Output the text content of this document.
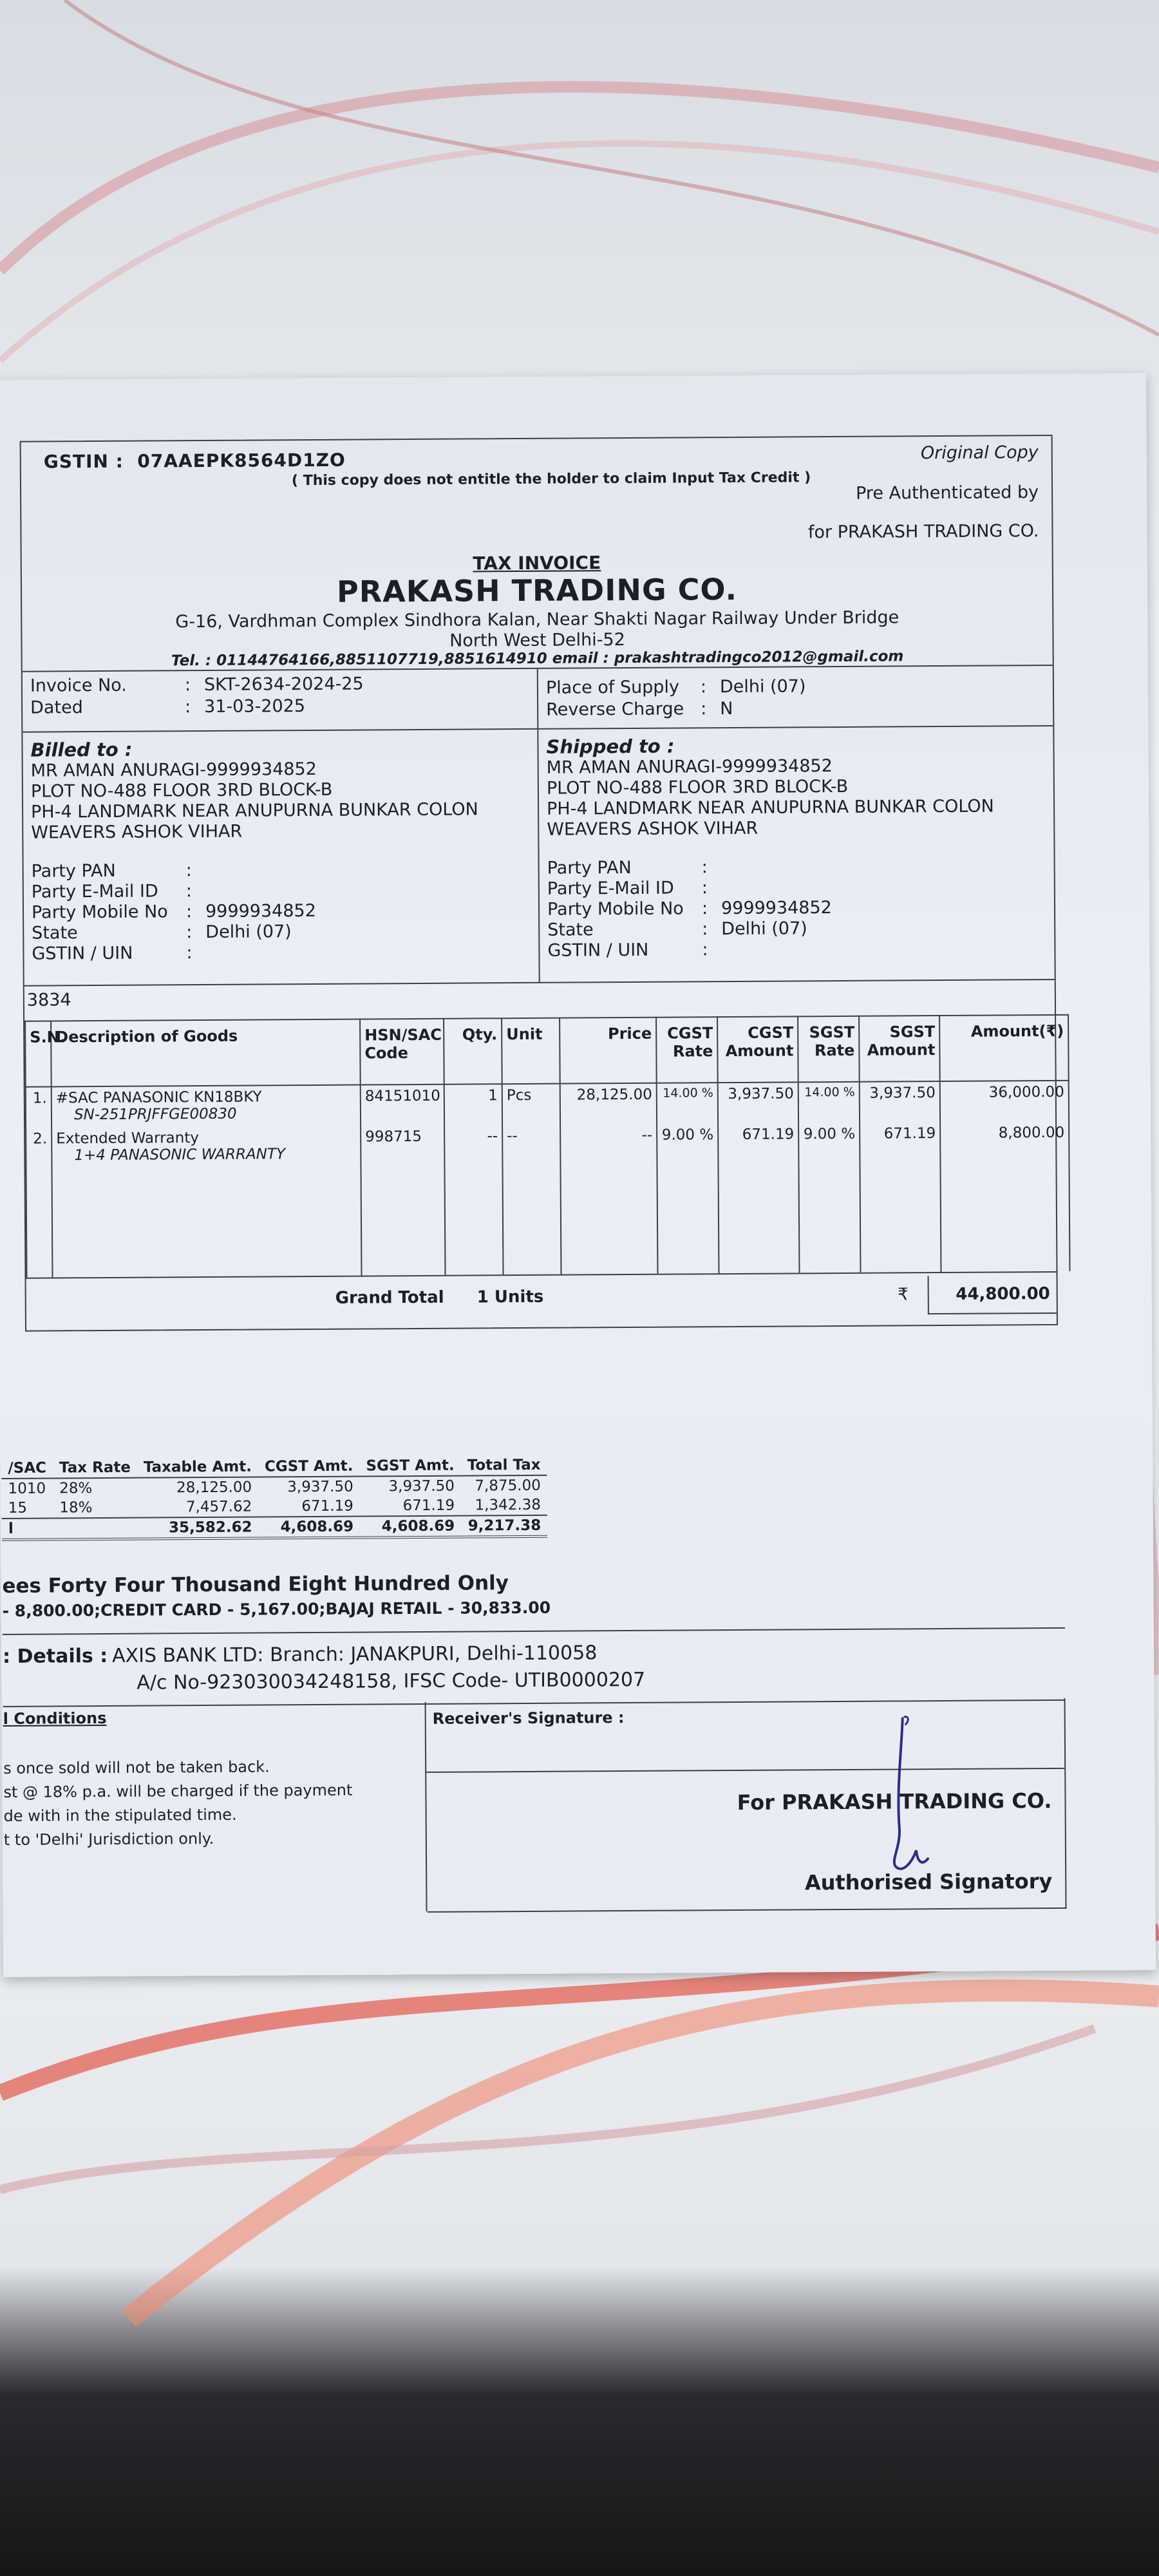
GSTIN :  07AAEPK8564D1ZO	Original Copy
( This copy does not entitle the holder to claim Input Tax Credit )
Pre Authenticated by
for PRAKASH TRADING CO.
TAX INVOICE
PRAKASH TRADING CO.
G-16, Vardhman Complex Sindhora Kalan, Near Shakti Nagar Railway Under Bridge
North West Delhi-52
Tel. : 01144764166,8851107719,8851614910 email : prakashtradingco2012@gmail.com
Invoice No.	: SKT-2634-2024-25
Dated	: 31-03-2025
Place of Supply : Delhi (07)
Reverse Charge : N
Billed to :
MR AMAN ANURAGI-9999934852
PLOT NO-488 FLOOR 3RD BLOCK-B
PH-4 LANDMARK NEAR ANUPURNA BUNKAR COLON
WEAVERS ASHOK VIHAR
Party PAN	:
Party E-Mail ID :
Party Mobile No : 9999934852
State	: Delhi (07)
GSTIN / UIN	:
Shipped to :
MR AMAN ANURAGI-9999934852
PLOT NO-488 FLOOR 3RD BLOCK-B
PH-4 LANDMARK NEAR ANUPURNA BUNKAR COLON
WEAVERS ASHOK VIHAR
Party PAN	:
Party E-Mail ID :
Party Mobile No : 9999934852
State	: Delhi (07)
GSTIN / UIN	:
3834
S.N.	Description of Goods	HSN/SAC Code	Qty.	Unit	Price	CGST Rate	CGST Amount	SGST Rate	SGST Amount	Amount(₹)
1.	#SAC PANASONIC KN18BKY
SN-251PRJFFGE00830	84151010	1	Pcs	28,125.00	14.00 %	3,937.50	14.00 %	3,937.50	36,000.00
2.	Extended Warranty
1+4 PANASONIC WARRANTY	998715	--	--	--	9.00 %	671.19	9.00 %	671.19	8,800.00

Grand Total 1 Units	₹	44,800.00
/SAC	Tax Rate	Taxable Amt.	CGST Amt.	SGST Amt.	Total Tax
1010	28%	28,125.00	3,937.50	3,937.50	7,875.00
15	18%	7,457.62	671.19	671.19	1,342.38
l		35,582.62	4,608.69	4,608.69	9,217.38
ees Forty Four Thousand Eight Hundred Only
- 8,800.00;CREDIT CARD - 5,167.00;BAJAJ RETAIL - 30,833.00
: Details : AXIS BANK LTD: Branch: JANAKPURI, Delhi-110058
A/c No-923030034248158, IFSC Code- UTIB0000207
l Conditions
s once sold will not be taken back.
st @ 18% p.a. will be charged if the payment
de with in the stipulated time.
t to 'Delhi' Jurisdiction only.
Receiver's Signature :
For PRAKASH TRADING CO.
Authorised Signatory
